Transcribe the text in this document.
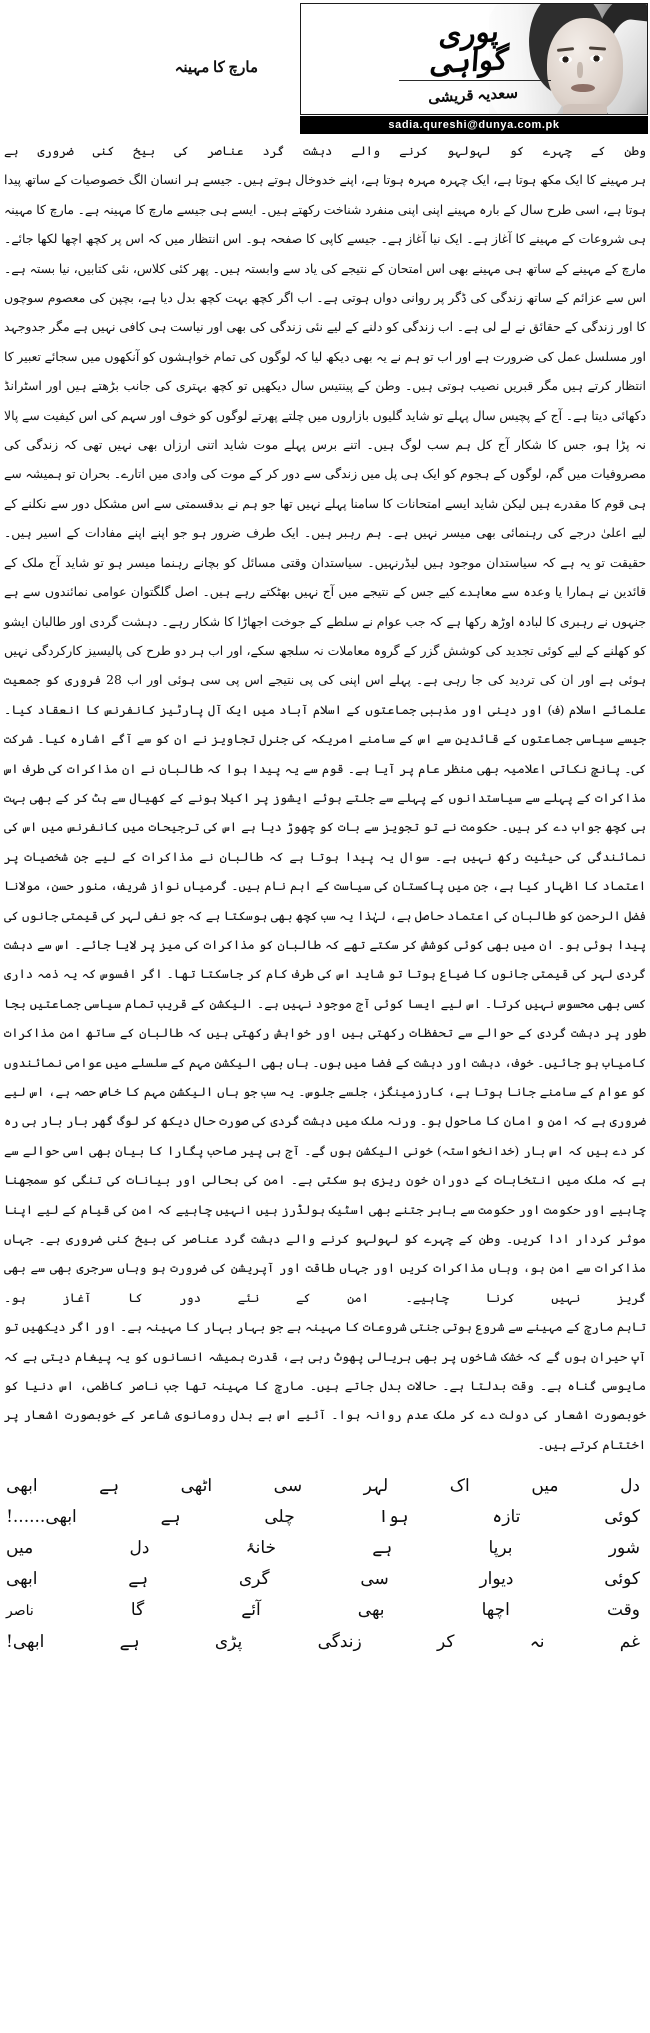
مارچ کا مہینہ
پوری
گواہی
سعدیہ قریشی
sadia.qureshi@dunya.com.pk

وطن کے چہرے کو لہولہو کرنے والے دہشت گرد عناصر کی بیخ کنی ضروری ہے

ہر مہینے کا ایک مکھ ہوتا ہے، ایک چہرہ مہرہ ہوتا ہے، اپنے خدوخال ہوتے ہیں۔ جیسے ہر انسان الگ خصوصیات کے ساتھ پیدا ہوتا ہے، اسی طرح سال کے بارہ مہینے اپنی اپنی منفرد شناخت رکھتے ہیں۔ ایسے ہی جیسے مارچ کا مہینہ ہے۔ مارچ کا مہینہ ہی شروعات کے مہینے کا آغاز ہے۔ ایک نیا آغاز ہے۔ جیسے کاپی کا صفحہ ہو۔ اس انتظار میں کہ اس پر کچھ اچھا لکھا جائے۔ مارچ کے مہینے کے ساتھ ہی مہینے بھی اس امتحان کے نتیجے کی یاد سے وابستہ ہیں۔ پھر کئی کلاس، نئی کتابیں، نیا بستہ ہے۔ اس سے عزائم کے ساتھ زندگی کی ڈگر پر روانی دواں ہوتی ہے۔ اب اگر کچھ بہت کچھ بدل دیا ہے، بچپن کی معصوم سوچوں کا اور زندگی کے حقائق نے لے لی ہے۔ اب زندگی کو دلنے کے لیے نئی زندگی کی بھی اور نیاست ہی کافی نہیں ہے مگر جدوجہد اور مسلسل عمل کی ضرورت ہے اور اب تو ہم نے یہ بھی دیکھ لیا کہ لوگوں کی تمام خواہشوں کو آنکھوں میں سجائے تعبیر کا انتظار کرتے ہیں مگر قبریں نصیب ہوتی ہیں۔ وطن کے پینتیس سال دیکھیں تو کچھ بہتری کی جانب بڑھتے ہیں اور اسٹرانڈ دکھائی دیتا ہے۔ آج کے پچیس سال پہلے تو شاید گلیوں بازاروں میں چلتے پھرتے لوگوں کو خوف اور سہم کی اس کیفیت سے پالا نہ پڑا ہو، جس کا شکار آج کل ہم سب لوگ ہیں۔ اتنے برس پہلے موت شاید اتنی ارزاں بھی نہیں تھی کہ زندگی کی مصروفیات میں گم، لوگوں کے ہجوم کو ایک ہی پل میں زندگی سے دور کر کے موت کی وادی میں اتارے۔ بحران تو ہمیشہ سے ہی قوم کا مقدرے ہیں لیکن شاید ایسے امتحانات کا سامنا پہلے نہیں تھا جو ہم نے بدقسمتی سے اس مشکل دور سے نکلنے کے لیے اعلیٰ درجے کی رہنمائی بھی میسر نہیں ہے۔ ہم رہبر ہیں۔ ایک طرف ضرور ہو جو اپنے اپنے مفادات کے اسیر ہیں۔ حقیقت تو یہ ہے کہ سیاستدان موجود ہیں لیڈرنہیں۔ سیاستدان وقتی مسائل کو بچانے رہنما میسر ہو تو شاید آج ملک کے قائدین نے ہمارا یا وعدہ سے معاہدے کیے جس کے نتیجے میں آج نہیں بھٹکتے رہے ہیں۔ اصل گلگتوان عوامی نمائندوں سے ہے جنہوں نے رہبری کا لبادہ اوڑھ رکھا ہے کہ جب عوام نے سلطے کے جوخت اجھاڑا کا شکار رہے۔ دہشت گردی اور طالبان ایشو کو کھلنے کے لیے کوئی تجدید کی کوشش گزر کے گروہ معاملات نہ سلجھ سکے، اور اب ہر دو طرح کی پالیسیز کارکردگی نہیں ہوئی ہے اور ان کی تردید کی جا رہی ہے۔ پہلے اس اپنی کی پی نتیجے اس پی سی ہوئی اور اب 28 فروری کو جمعیت علمائے اسلام (ف) اور دینی اور مذہبی جماعتوں کے اسلام آباد میں ایک آل پارٹیز کانفرنس کا انعقاد کیا۔ جیسے سیاسی جماعتوں کے قائدین سے اس کے سامنے امریکہ کی جنرل تجاویز نے ان کو سے آگے اشارہ کیا۔ شرکت کی۔ پانچ نکاتی اعلامیہ بھی منظر عام پر آیا ہے۔ قوم سے یہ پیدا ہوا کہ طالبان نے ان مذاکرات کی طرف اس مذاکرات کے پہلے سے سیاستدانوں کے پہلے سے جلتے ہوئے ایشوز پر اکیلا ہونے کے کھیال سے ہٹ کر کے بھی بہت ہی کچھ جواب دے کر ہیں۔ حکومت نے تو تجویز سے بات کو چھوڑ دیا ہے اس کی ترجیحات میں کانفرنس میں اس کی نمائندگی کی حیثیت رکھ نہیں ہے۔ سوال یہ پیدا ہوتا ہے کہ طالبان نے مذاکرات کے لیے جن شخصیات پر اعتماد کا اظہار کیا ہے، جن میں پاکستان کی سیاست کے اہم نام ہیں۔ گرمیاں نواز شریف، منور حسن، مولانا فضل الرحمن کو طالبان کی اعتماد حاصل ہے، لہٰذا یہ سب کچھ بھی ہوسکتا ہے کہ جو نفی لہر کی قیمتی جانوں کی پیدا ہوئی ہو۔ ان میں بھی کوئی کوشش کر سکتے تھے کہ طالبان کو مذاکرات کی میز پر لایا جائے۔ اس سے دہشت گردی لہر کی قیمتی جانوں کا ضیاع ہوتا تو شاید اس کی طرف کام کر جاسکتا تھا۔ اگر افسوس کہ یہ ذمہ داری کسی بھی محسوس نہیں کرتا۔ اس لیے ایسا کوئی آج موجود نہیں ہے۔ الیکشن کے قریب تمام سیاسی جماعتیں بجا طور پر دہشت گردی کے حوالے سے تحفظات رکھتی ہیں اور خواہش رکھتی ہیں کہ طالبان کے ساتھ امن مذاکرات کامیاب ہو جائیں۔ خوف، دہشت اور دہشت کے فضا میں ہوں۔ ہاں بھی الیکشن مہم کے سلسلے میں عوامی نمائندوں کو عوام کے سامنے جانا ہوتا ہے، کارزمینگز، جلسے جلوس۔ یہ سب جو ہاں الیکشن مہم کا خاص حصہ ہے، اس لیے ضروری ہے کہ امن و امان کا ماحول ہو۔ ورنہ ملک میں دہشت گردی کی صورت حال دیکھ کر لوگ گھر بار بار ہی رہ کر دے ہیں کہ اس بار (خدانخواستہ) خونی الیکشن ہوں گے۔ آج ہی پیر صاحب پگارا کا بیان بھی اسی حوالے سے ہے کہ ملک میں انتخابات کے دوران خون ریزی ہو سکتی ہے۔ امن کی بحالی اور بیانات کی تنگی کو سمجھنا چاہیے اور حکومت اور حکومت سے باہر جتنے بھی اسٹیک ہولڈرز ہیں انہیں چاہیے کہ امن کی قیام کے لیے اپنا موثر کردار ادا کریں۔ وطن کے چہرے کو لہولہو کرنے والے دہشت گرد عناصر کی بیخ کنی ضروری ہے۔ جہاں مذاکرات سے امن ہو، وہاں مذاکرات کریں اور جہاں طاقت اور آپریشن کی ضرورت ہو وہاں سرجری بھی سے بھی گریز نہیں کرنا چاہیے۔ امن کے نئے دور کا آغاز ہو۔

تاہم مارچ کے مہینے سے شروع ہوتی جنتی شروعات کا مہینہ ہے جو بہار بہار کا مہینہ ہے۔ اور اگر دیکھیں تو آپ حیران ہوں گے کہ خشک شاخوں پر بھی ہریالی پھوٹ رہی ہے، قدرت ہمیشہ انسانوں کو یہ پیغام دیتی ہے کہ مایوسی گناہ ہے۔ وقت بدلتا ہے۔ حالات بدل جاتے ہیں۔ مارچ کا مہینہ تھا جب ناصر کاظمی، اس دنیا کو خوبصورت اشعار کی دولت دے کر ملک عدم روانہ ہوا۔ آئیے اس بے بدل رومانوی شاعر کے خوبصورت اشعار پر اختتام کرتے ہیں۔

دل
میں
اک
لہر
سی
اٹھی
ہے
ابھی
کوئی
تازہ
ہوا
چلی
ہے
ابھی......!
شور
برپا
ہے
خانۂ
دل
میں
کوئی
دیوار
سی
گری
ہے
ابھی
وقت
اچھا
بھی
آئے
گا
ناصر
غم
نہ
کر
زندگی
پڑی
ہے
ابھی!
